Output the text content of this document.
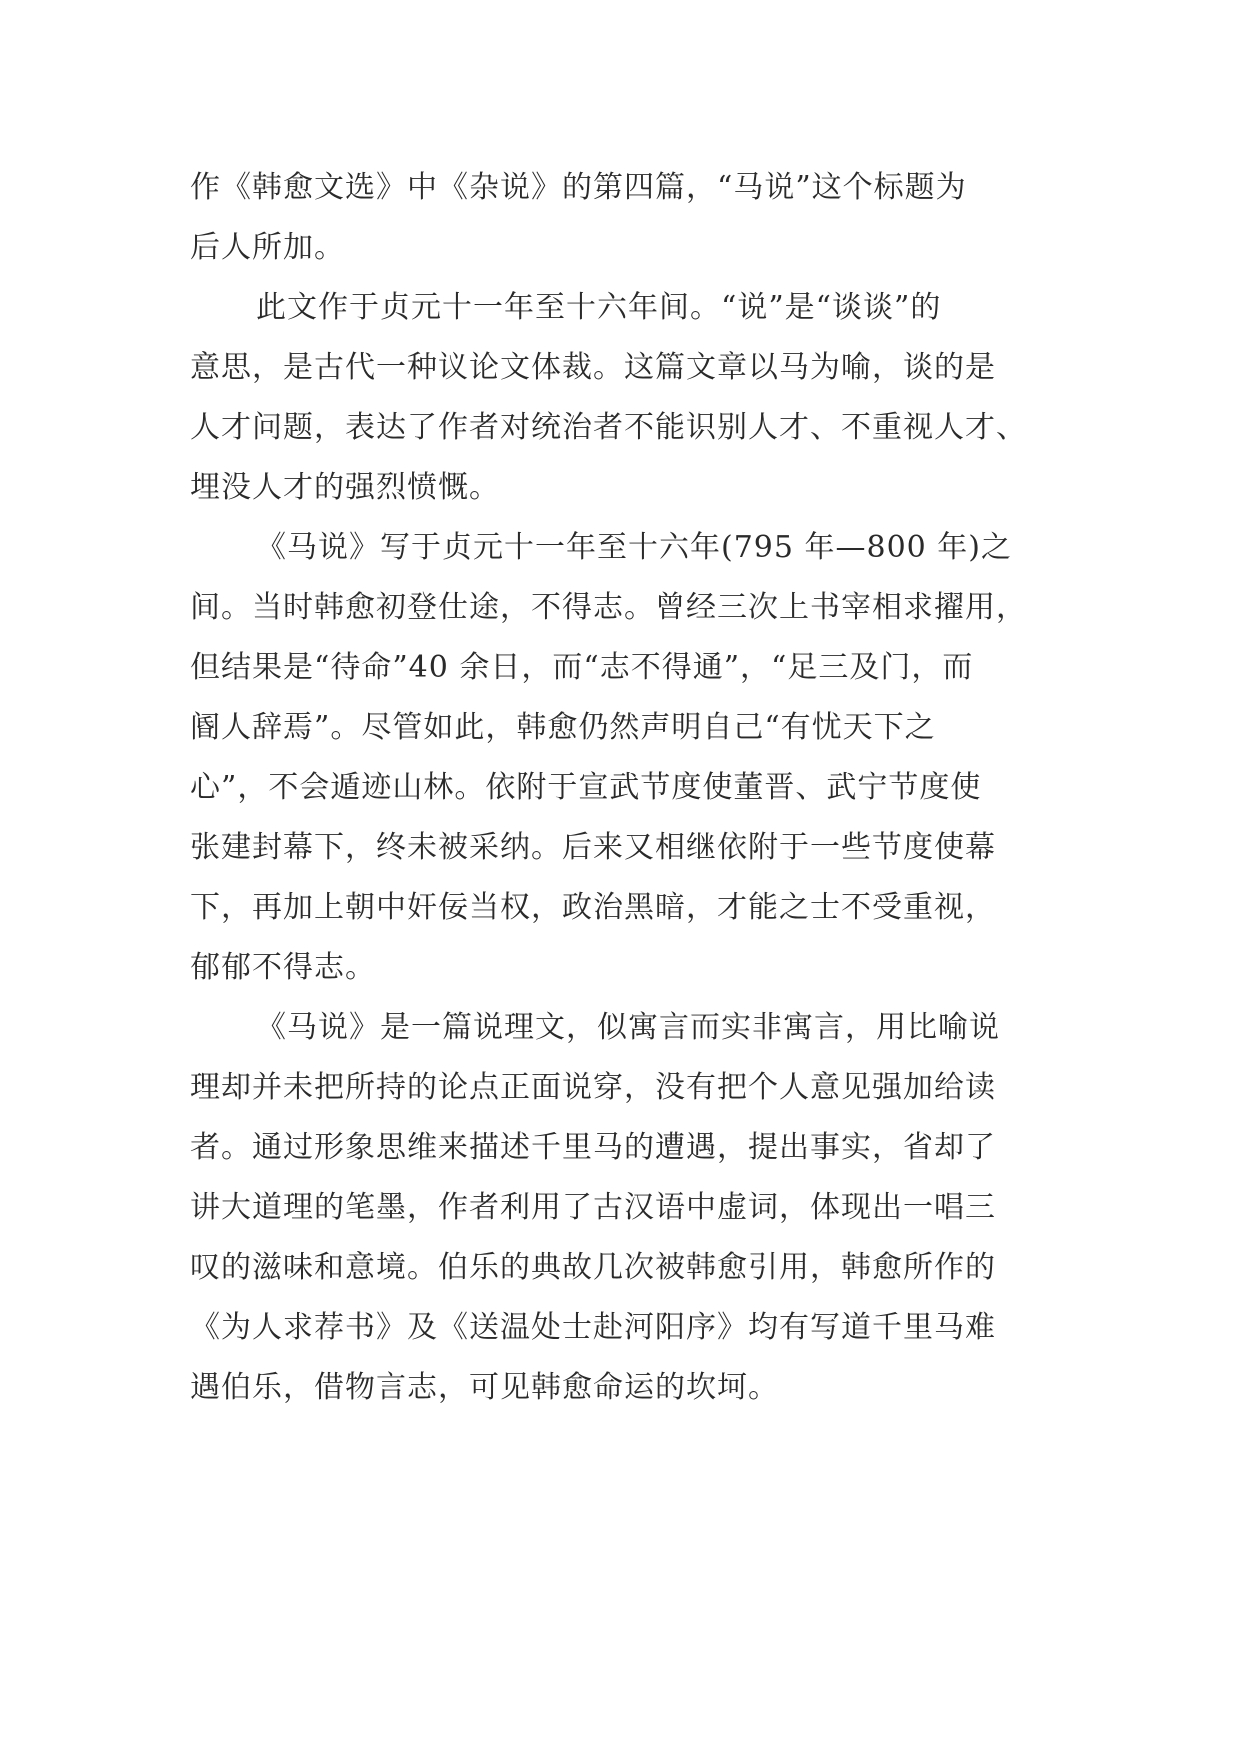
作《韩愈文选》中《杂说》的第四篇，“马说”这个标题为
后人所加。
此文作于贞元十一年至十六年间。“说”是“谈谈”的
意思，是古代一种议论文体裁。这篇文章以马为喻，谈的是
人才问题，表达了作者对统治者不能识别人才、不重视人才、
埋没人才的强烈愤慨。
《马说》写于贞元十一年至十六年(795 年—800 年)之
间。当时韩愈初登仕途，不得志。曾经三次上书宰相求擢用，
但结果是“待命”40 余日，而“志不得通”，“足三及门，而
阍人辞焉”。尽管如此，韩愈仍然声明自己“有忧天下之
心”，不会遁迹山林。依附于宣武节度使董晋、武宁节度使
张建封幕下，终未被采纳。后来又相继依附于一些节度使幕
下，再加上朝中奸佞当权，政治黑暗，才能之士不受重视，
郁郁不得志。
《马说》是一篇说理文，似寓言而实非寓言，用比喻说
理却并未把所持的论点正面说穿，没有把个人意见强加给读
者。通过形象思维来描述千里马的遭遇，提出事实，省却了
讲大道理的笔墨，作者利用了古汉语中虚词，体现出一唱三
叹的滋味和意境。伯乐的典故几次被韩愈引用，韩愈所作的
《为人求荐书》及《送温处士赴河阳序》均有写道千里马难
遇伯乐，借物言志，可见韩愈命运的坎坷。
